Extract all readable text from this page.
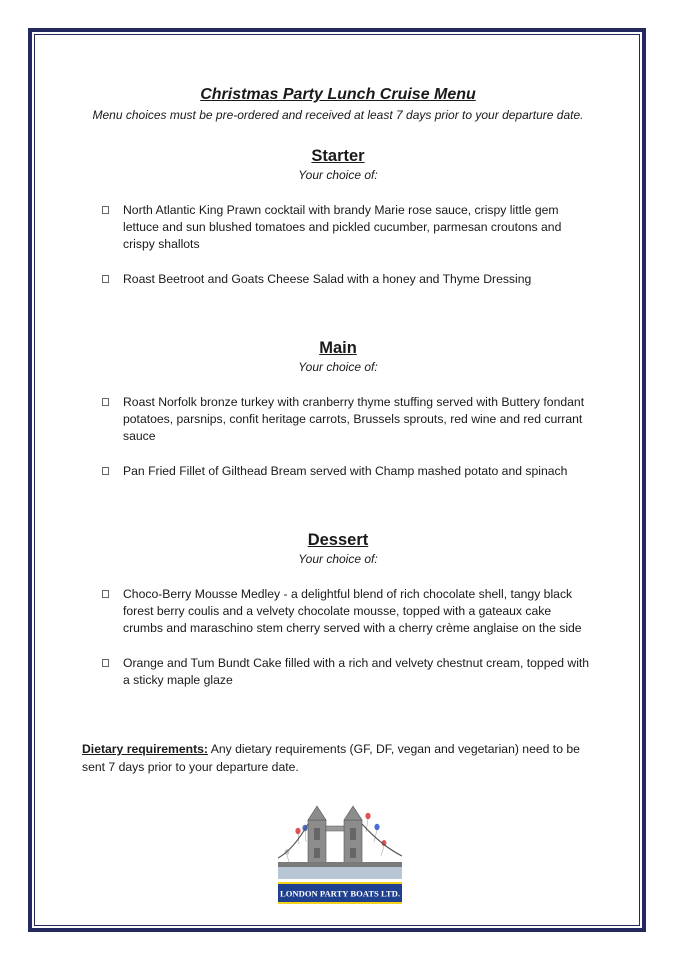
Christmas Party Lunch Cruise Menu

Menu choices must be pre-ordered and received at least 7 days prior to your departure date.

Starter

Your choice of:

North Atlantic King Prawn cocktail with brandy Marie rose sauce, crispy little gem lettuce and sun blushed tomatoes and pickled cucumber, parmesan croutons and crispy shallots
Roast Beetroot and Goats Cheese Salad with a honey and Thyme Dressing
Main

Your choice of:

Roast Norfolk bronze turkey with cranberry thyme stuffing served with Buttery fondant potatoes, parsnips, confit heritage carrots, Brussels sprouts, red wine and red currant sauce
Pan Fried Fillet of Gilthead Bream served with Champ mashed potato and spinach
Dessert

Your choice of:

Choco-Berry Mousse Medley - a delightful blend of rich chocolate shell, tangy black forest berry coulis and a velvety chocolate mousse, topped with a gateaux cake crumbs and maraschino stem cherry served with a cherry crème anglaise on the side
Orange and Tum Bundt Cake filled with a rich and velvety chestnut cream, topped with a sticky maple glaze

Dietary requirements: Any dietary requirements (GF, DF, vegan and vegetarian) need to be sent 7 days prior to your departure date.

LONDON PARTY BOATS LTD.
